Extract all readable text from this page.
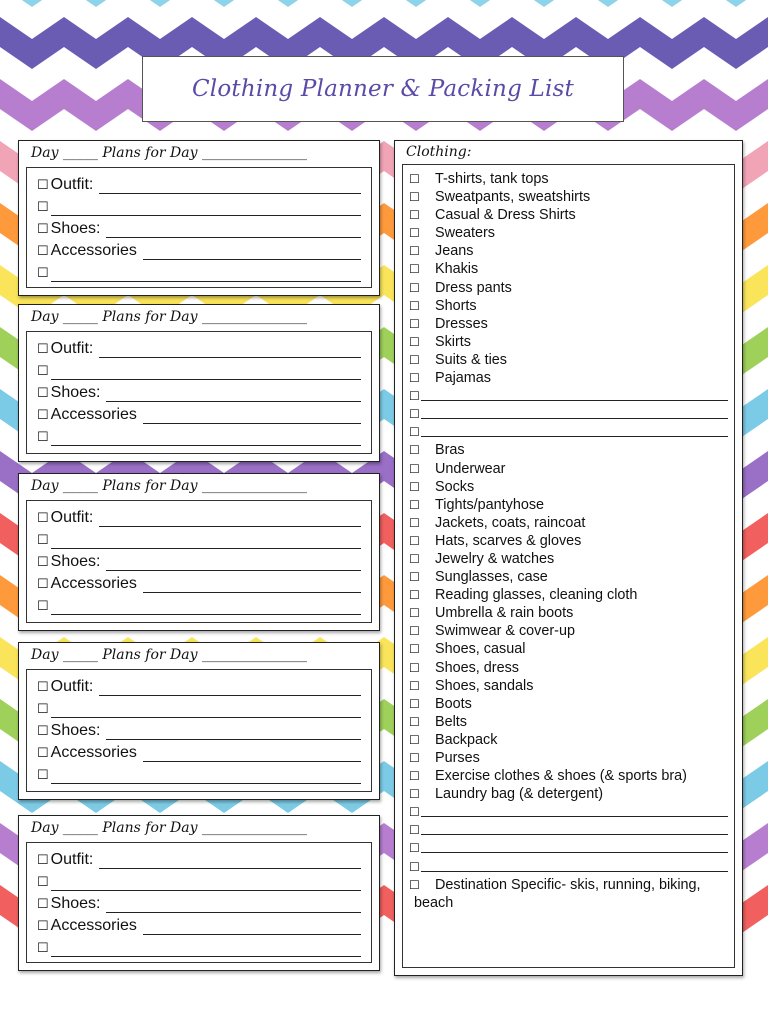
Clothing Planner & Packing List
Day _____ Plans for Day _______________
☐ Outfit:
☐
☐ Shoes:
☐ Accessories
☐
Day _____ Plans for Day _______________
☐ Outfit:
☐
☐ Shoes:
☐ Accessories
☐
Day _____ Plans for Day _______________
☐ Outfit:
☐
☐ Shoes:
☐ Accessories
☐
Day _____ Plans for Day _______________
☐ Outfit:
☐
☐ Shoes:
☐ Accessories
☐
Day _____ Plans for Day _______________
☐ Outfit:
☐
☐ Shoes:
☐ Accessories
☐
Clothing:
☐	T-shirts, tank tops
☐	Sweatpants, sweatshirts
☐	Casual & Dress Shirts
☐	Sweaters
☐	Jeans
☐	Khakis
☐	Dress pants
☐	Shorts
☐	Dresses
☐	Skirts
☐	Suits & ties
☐	Pajamas
☐
☐
☐
☐	Bras
☐	Underwear
☐	Socks
☐	Tights/pantyhose
☐	Jackets, coats, raincoat
☐	Hats, scarves & gloves
☐	Jewelry & watches
☐	Sunglasses, case
☐	Reading glasses, cleaning cloth
☐	Umbrella & rain boots
☐	Swimwear & cover-up
☐	Shoes, casual
☐	Shoes, dress
☐	Shoes, sandals
☐	Boots
☐	Belts
☐	Backpack
☐	Purses
☐	Exercise clothes & shoes (& sports bra)
☐	Laundry bag (& detergent)
☐
☐
☐
☐
☐	Destination Specific- skis, running, biking,
beach
